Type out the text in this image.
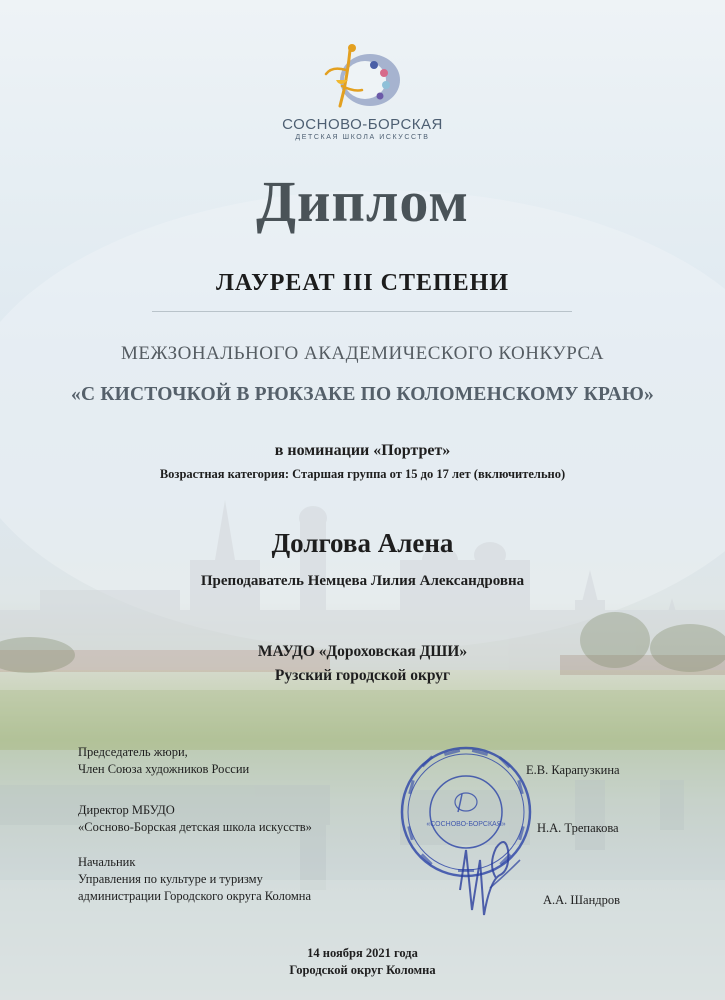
СОСНОВО-БОРСКАЯ
ДЕТСКАЯ ШКОЛА ИСКУССТВ
Диплом
ЛАУРЕАТ III СТЕПЕНИ
МЕЖЗОНАЛЬНОГО АКАДЕМИЧЕСКОГО КОНКУРСА
«С КИСТОЧКОЙ В РЮКЗАКЕ ПО КОЛОМЕНСКОМУ КРАЮ»
в номинации «Портрет»
Возрастная категория: Старшая группа от 15 до 17 лет (включительно)
Долгова Алена
Преподаватель Немцева Лилия Александровна
МАУДО «Дороховская ДШИ»
Рузский городской округ
«СОСНОВО-БОРСКАЯ»
Председатель жюри,
Член Союза художников России	Е.В. Карапузкина
Директор МБУДО
«Сосново-Борская детская школа искусств»	Н.А. Трепакова
Начальник
Управления по культуре и туризму
администрации Городского округа Коломна	А.А. Шандров
14 ноября 2021 года
Городской округ Коломна
